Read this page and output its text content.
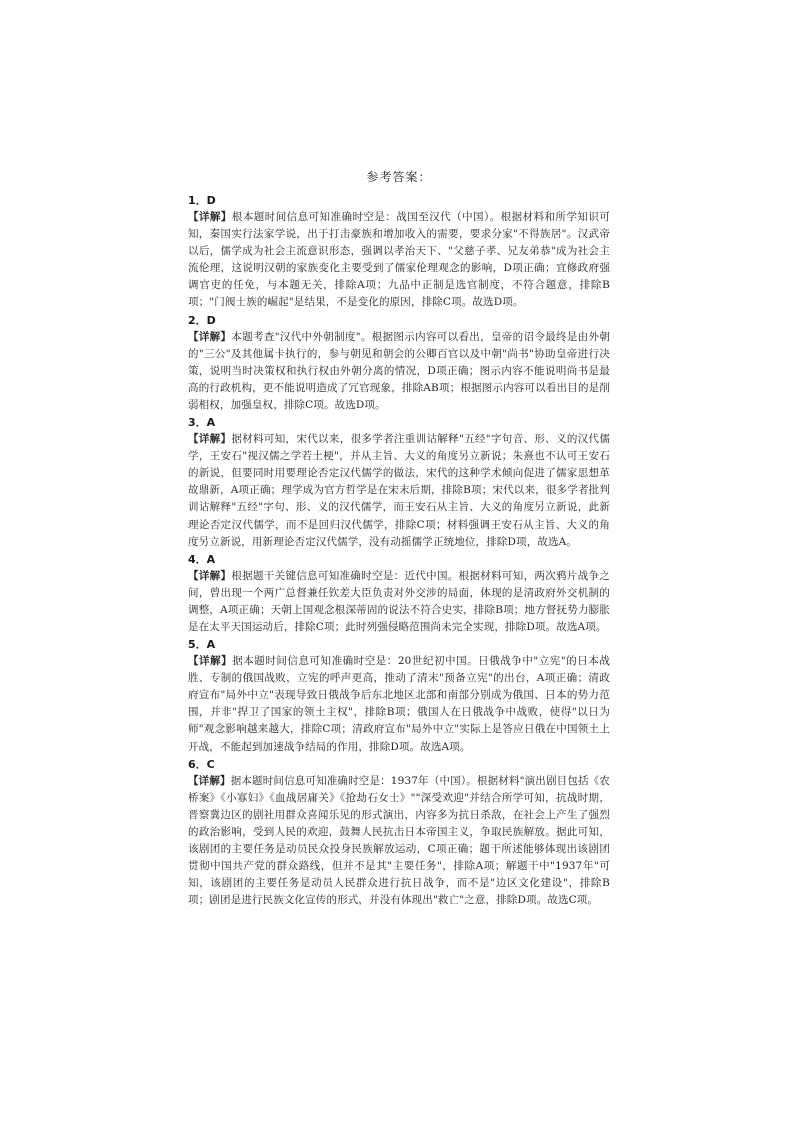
参考答案：

1．D

【详解】根本题时间信息可知准确时空是：战国至汉代（中国）。根据材料和所学知识可知，秦国实行法家学说，出于打击豪族和增加收入的需要，要求分家"不得族居"。汉武帝以后，儒学成为社会主流意识形态，强调以孝治天下、"父慈子孝、兄友弟恭"成为社会主流伦理，这说明汉朝的家族变化主要受到了儒家伦理观念的影响，D项正确；宜修政府强调官吏的任免，与本题无关，排除A项；九品中正制是选官制度，不符合题意，排除B项；"门阀士族的崛起"是结果，不是变化的原因，排除C项。故选D项。

2．D

【详解】本题考查"汉代中外朝制度"。根据图示内容可以看出，皇帝的诏令最终是由外朝的"三公"及其他属卡执行的，参与朝见和朝会的公卿百官以及中朝"尚书"协助皇帝进行决策，说明当时决策权和执行权由外朝分离的情况，D项正确；图示内容不能说明尚书是最高的行政机构，更不能说明造成了冗官现象，排除AB项；根据图示内容可以看出目的是削弱相权，加强皇权，排除C项。故选D项。

3．A

【详解】据材料可知，宋代以来，很多学者注重训诂解释"五经"字句音、形、义的汉代儒学，王安石"视汉儒之学若土梗"，并从主旨、大义的角度另立新说；朱熹也不认可王安石的新说，但要同时用要理论否定汉代儒学的做法，宋代的这种学术倾向促进了儒家思想革故鼎新，A项正确；理学成为官方哲学是在宋末后期，排除B项；宋代以来，很多学者批判训诂解释"五经"字句、形、义的汉代儒学，而王安石从主旨、大义的角度另立新说，此新理论否定汉代儒学，而不是回归汉代儒学，排除C项；材料强调王安石从主旨、大义的角度另立新说，用新理论否定汉代儒学，没有动摇儒学正统地位，排除D项，故选A。

4．A

【详解】根据题干关键信息可知准确时空是：近代中国。根据材料可知，两次鸦片战争之间，曾出现一个两广总督兼任钦差大臣负责对外交涉的局面，体现的是清政府外交机制的调整，A项正确；天朝上国观念根深蒂固的说法不符合史实，排除B项；地方督抚势力膨胀是在太平天国运动后，排除C项；此时列强侵略范围尚未完全实现，排除D项。故选A项。

5．A

【详解】据本题时间信息可知准确时空是：20世纪初中国。日俄战争中"立宪"的日本战胜、专制的俄国战败，立宪的呼声更高，推动了清末"预备立宪"的出台，A项正确；清政府宣布"局外中立"表现导致日俄战争后东北地区北部和南部分别成为俄国、日本的势力范围，并非"捍卫了国家的领土主权"，排除B项；俄国人在日俄战争中战败，使得"以日为师"观念影响越来越大，排除C项；清政府宣布"局外中立"实际上是答应日俄在中国领土上开战，不能起到加速战争结局的作用，排除D项。故选A项。

6．C

【详解】据本题时间信息可知准确时空是：1937年（中国）。根据材料"演出剧目包括《农桥案》《小寡妇》《血战居庸关》《抢劫石女士》""深受欢迎"并结合所学可知，抗战时期，晋察冀边区的剧社用群众喜闻乐见的形式演出，内容多为抗日杀敌，在社会上产生了强烈的政治影响，受到人民的欢迎，鼓舞人民抗击日本帝国主义，争取民族解放。据此可知，该剧团的主要任务是动员民众投身民族解放运动，C项正确；题干所述能够体现出该剧团贯彻中国共产党的群众路线，但并不是其"主要任务"，排除A项；解题干中"1937年"可知，该剧团的主要任务是动员人民群众进行抗日战争，而不是"边区文化建设"，排除B项；剧团是进行民族文化宣传的形式，并没有体现出"救亡"之意，排除D项。故选C项。
